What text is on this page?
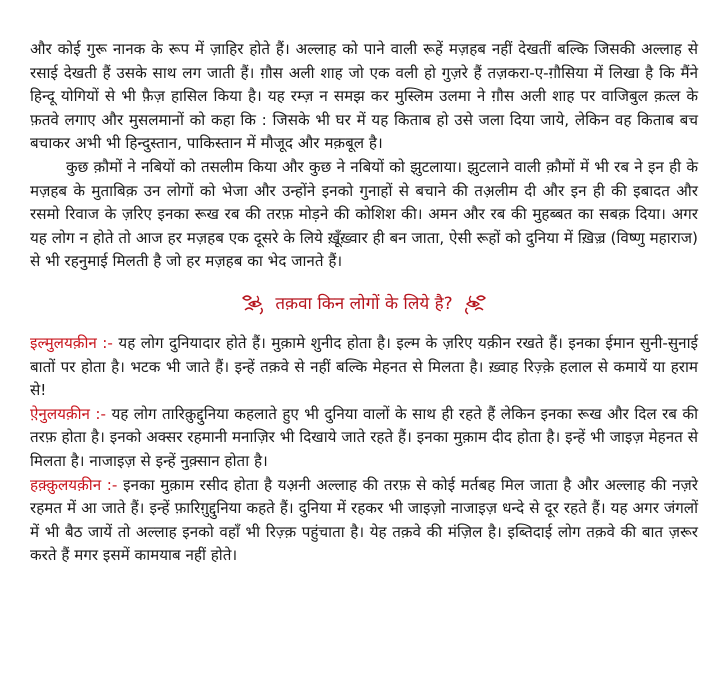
और कोई गुरू नानक के रूप में ज़ाहिर होते हैं। अल्लाह को पाने वाली रूहें मज़हब नहीं देखतीं बल्कि जिसकी अल्लाह से रसाई देखती हैं उसके साथ लग जाती हैं। ग़ौस अली शाह जो एक वली हो गुज़रे हैं तज़करा-ए-ग़ौसिया में लिखा है कि मैंने हिन्दू योगियों से भी फ़ैज़ हासिल किया है। यह रम्ज़ न समझ कर मुस्लिम उलमा ने ग़ौस अली शाह पर वाजिबुल क़त्ल के फ़तवे लगाए और मुसलमानों को कहा कि : जिसके भी घर में यह किताब हो उसे जला दिया जाये, लेकिन वह किताब बच बचाकर अभी भी हिन्दुस्तान, पाकिस्तान में मौजूद और मक़बूल है।

कुछ क़ौमों ने नबियों को तसलीम किया और कुछ ने नबियों को झुटलाया। झुटलाने वाली क़ौमों में भी रब ने इन ही के मज़हब के मुताबिक़ उन लोगों को भेजा और उन्होंने इनको गुनाहों से बचाने की तअ़लीम दी और इन ही की इबादत और रसमो रिवाज के ज़रिए इनका रूख रब की तरफ़ मोड़ने की कोशिश की। अमन और रब की मुहब्बत का सबक़ दिया। अगर यह लोग न होते तो आज हर मज़हब एक दूसरे के लिये ख़ूँख़्वार ही बन जाता, ऐसी रूहों को दुनिया में ख़िज़्र (विष्णु महाराज) से भी रहनुमाई मिलती है जो हर मज़हब का भेद जानते हैं।

तक़वा किन लोगों के लिये है?

इल्मुलयक़ीन :- यह लोग दुनियादार होते हैं। मुक़ामे शुनीद होता है। इल्म के ज़रिए यक़ीन रखते हैं। इनका ईमान सुनी-सुनाई बातों पर होता है। भटक भी जाते हैं। इन्हें तक़वे से नहीं बल्कि मेहनत से मिलता है। ख़्वाह रिज़्क़े हलाल से कमायें या हराम से!

ऐ़नुलयक़ीन :- यह लोग तारिक़ुद्दुनिया कहलाते हुए भी दुनिया वालों के साथ ही रहते हैं लेकिन इनका रूख और दिल रब की तरफ़ होता है। इनको अक्सर रहमानी मनाज़िर भी दिखाये जाते रहते हैं। इनका मुक़ाम दीद होता है। इन्हें भी जाइज़ मेहनत से मिलता है। नाजाइज़ से इन्हें नुक़्सान होता है।

हक़्क़ुलयक़ीन :- इनका मुक़ाम रसीद होता है यअ़नी अल्लाह की तरफ़ से कोई मर्तबह मिल जाता है और अल्लाह की नज़रे रहमत में आ जाते हैं। इन्हें फ़ारिग़ुद्दुनिया कहते हैं। दुनिया में रहकर भी जाइज़ो नाजाइज़ धन्दे से दूर रहते हैं। यह अगर जंगलों में भी बैठ जायें तो अल्लाह इनको वहाँ भी रिज़्क़ पहुंचाता है। येह तक़वे की मंज़िल है। इब्तिदाई लोग तक़वे की बात ज़रूर करते हैं मगर इसमें कामयाब नहीं होते।
